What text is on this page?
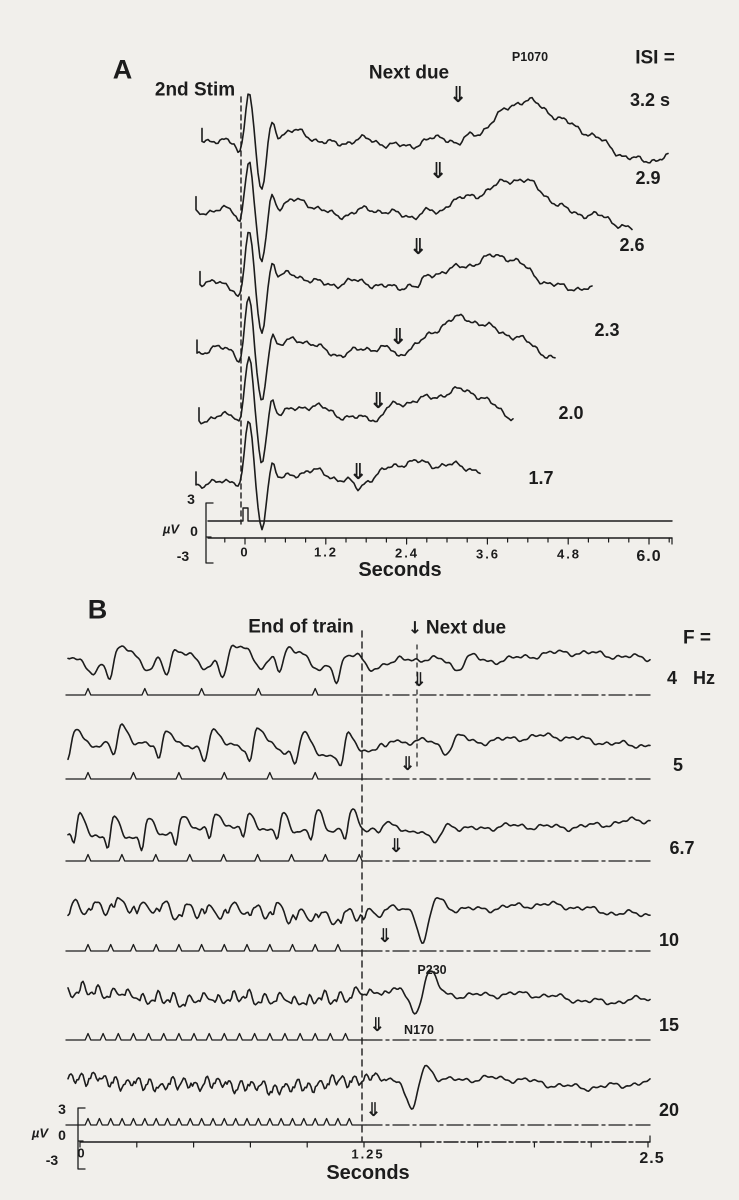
A
2nd Stim
Next due
P1070	ISI =
3.2 s
2.9
2.6
2.3
2.0
1.7
3
µV 0
-3	0	1.2	2.4	3.6	4.8	6.0
Seconds
B
End of train	↓ Next due	F =
4 Hz
5
6.7
10
15
20
P230
N170
3
µV 0
-3 0	1.25	2.5
Seconds
⇓
⇓
⇓
⇓
⇓
⇓
⇓
⇓
⇓
⇓
⇓
⇓
